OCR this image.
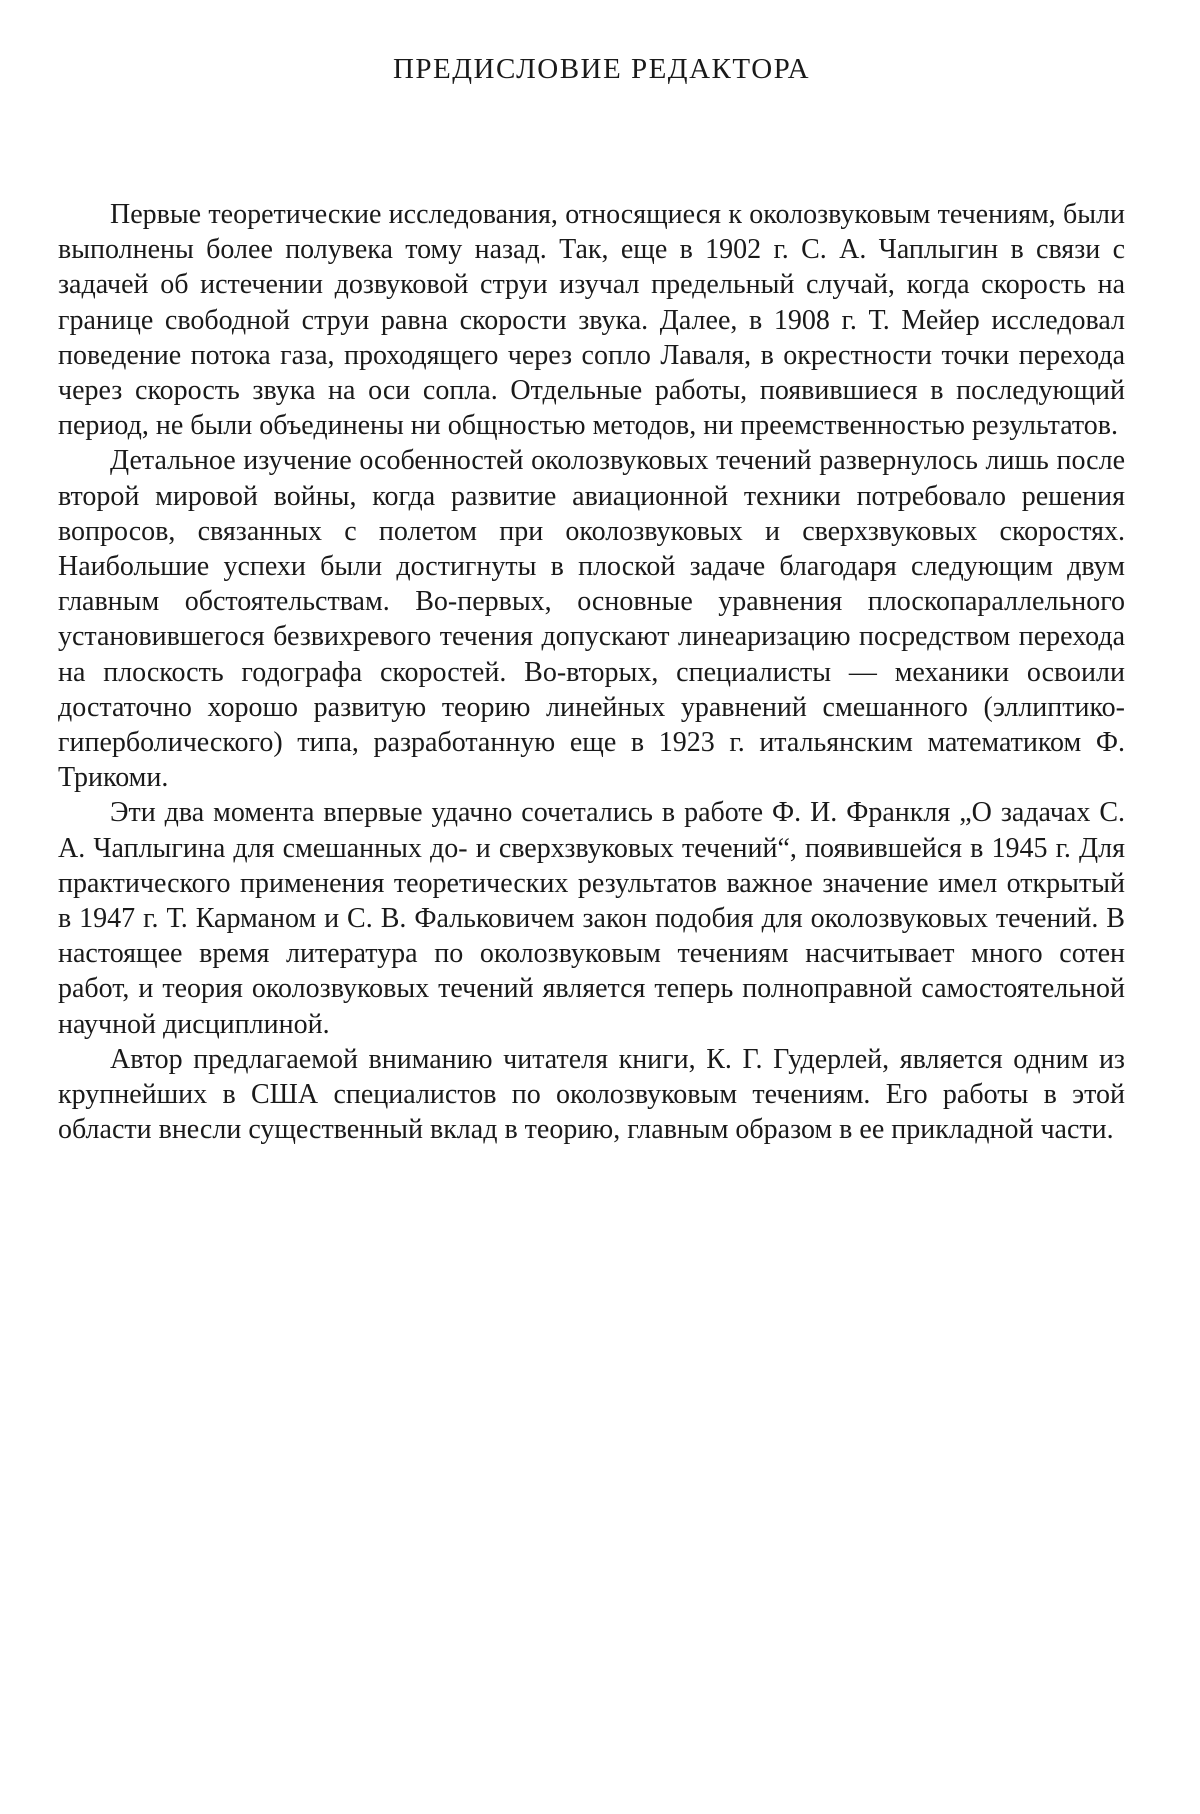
ПРЕДИСЛОВИЕ РЕДАКТОРА

Первые теоретические исследования, относящиеся к околозвуковым течениям, были выполнены более полувека тому назад. Так, еще в 1902 г. С. А. Чаплыгин в связи с задачей об истечении дозвуковой струи изучал предельный случай, когда скорость на границе свободной струи равна скорости звука. Далее, в 1908 г. Т. Мейер исследовал поведение потока газа, проходящего через сопло Лаваля, в окрестности точки перехода через скорость звука на оси сопла. Отдельные работы, появившиеся в последующий период, не были объединены ни общностью методов, ни преемственностью результатов.

Детальное изучение особенностей околозвуковых течений развернулось лишь после второй мировой войны, когда развитие авиационной техники потребовало решения вопросов, связанных с полетом при околозвуковых и сверхзвуковых скоростях. Наибольшие успехи были достигнуты в плоской задаче благодаря следующим двум главным обстоятельствам. Во-первых, основные уравнения плоскопараллельного установившегося безвихревого течения допускают линеаризацию посредством перехода на плоскость годографа скоростей. Во-вторых, специалисты — механики освоили достаточно хорошо развитую теорию линейных уравнений смешанного (эллиптико-гиперболического) типа, разработанную еще в 1923 г. итальянским математиком Ф. Трикоми.

Эти два момента впервые удачно сочетались в работе Ф. И. Франкля „О задачах С. А. Чаплыгина для смешанных до- и сверхзвуковых течений“, появившейся в 1945 г. Для практического применения теоретических результатов важное значение имел открытый в 1947 г. Т. Карманом и С. В. Фальковичем закон подобия для околозвуковых течений. В настоящее время литература по околозвуковым течениям насчитывает много сотен работ, и теория околозвуковых течений является теперь полноправной самостоятельной научной дисциплиной.

Автор предлагаемой вниманию читателя книги, К. Г. Гудерлей, является одним из крупнейших в США специалистов по околозвуковым течениям. Его работы в этой области внесли существенный вклад в теорию, главным образом в ее прикладной части.
